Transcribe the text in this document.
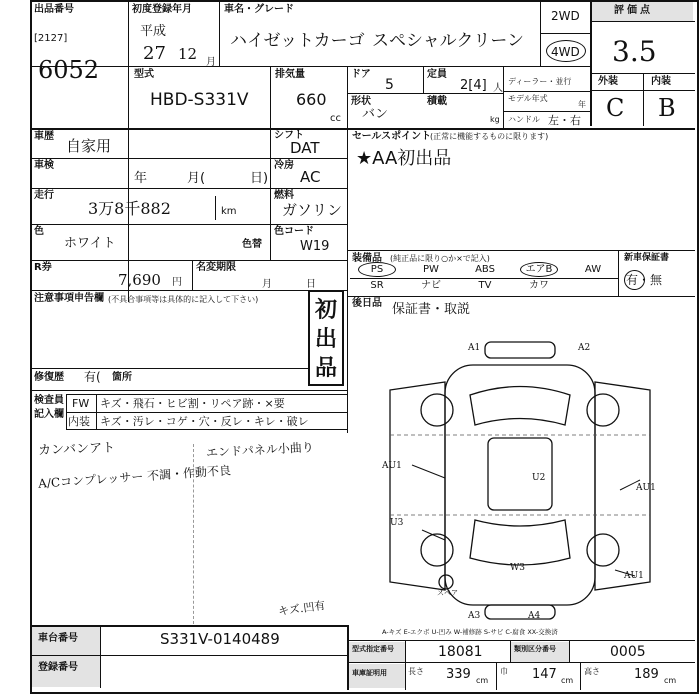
出品番号
[2127]
6052
初度登録年月
平成
27 12 月
車名・グレード
ハイゼットカーゴ スペシャルクリーン
2WD
4WD
評価点
3.5
型式
HBD-S331V
排気量
660
cc
ドア
5
定員
2[4] 人
形状
バン
積載
kg
ディーラー・並行
モデル年式
年
ハンドル 左・右
外装	内装
C B
車歴
自家用
シフト
DAT
車検
年	月(	日)
冷房
AC
走行
3万8千882	km
燃料
ガソリン
色
ホワイト	色替
色コード
W19
セールスポイント
(正常に機能するものに限ります)
★AA初出品
装備品 (純正品に限り○か×で記入)	新車保証書
有・無
PS	PW	ABS	エアB	AW
SR	ナビ	TV	カワ
後日品 保証書・取説
R券
7,690 円
名変期限
月	日
注意事項申告欄 (不具合事項等は具体的に記入して下さい)	初出品
修復歴 有( 箇所
検査員
記入欄
FW キズ・飛石・ヒビ割・リペア跡・×要
内装 キズ・汚レ・コゲ・穴・反レ・キレ・破レ
カンバンアト
A/Cコンプレッサー 不調・作動不良
エンドパネル小曲り
キズ.凹有
A1	A2
AU1
AU1
U3
U2
W3
AU1
A3	A4
スペア
A-キズ E-エクボ U-凹み W-補修跡 S-サビ C-腐食 XX-交換済
車台番号	S331V-0140489
登録番号
型式指定番号	18081	類別区分番号	0005
車庫証明用	長さ 339 cm
巾 147 cm
高さ	189 cm
